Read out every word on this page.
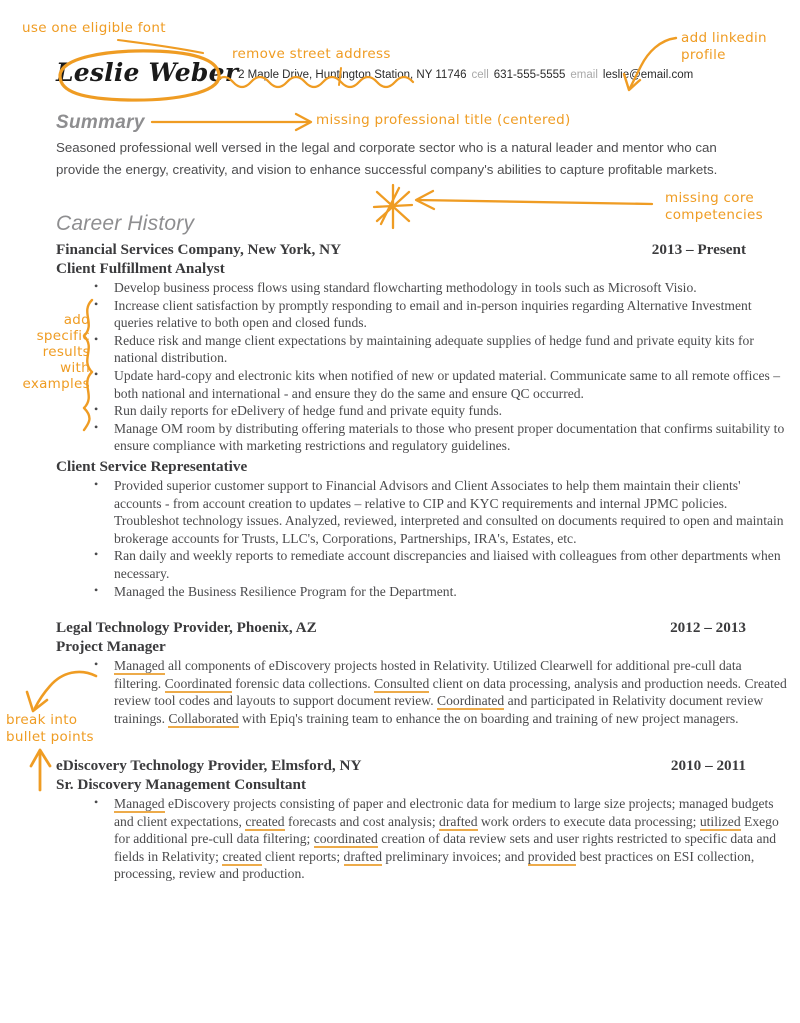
Leslie Weber2 Maple Drive, Huntington Station, NY 11746 cell 631-555-5555 email leslie@email.com
Summary
Seasoned professional well versed in the legal and corporate sector who is a natural leader and mentor who can provide the energy, creativity, and vision to enhance successful company's abilities to capture profitable markets.
Career History
Financial Services Company, New York, NY	2013 – Present
Client Fulfillment Analyst
• Develop business process flows using standard flowcharting methodology in tools such as Microsoft Visio.
• Increase client satisfaction by promptly responding to email and in-person inquiries regarding Alternative Investment queries relative to both open and closed funds.
• Reduce risk and mange client expectations by maintaining adequate supplies of hedge fund and private equity kits for national distribution.
• Update hard-copy and electronic kits when notified of new or updated material. Communicate same to all remote offices – both national and international - and ensure they do the same and ensure QC occurred.
• Run daily reports for eDelivery of hedge fund and private equity funds.
• Manage OM room by distributing offering materials to those who present proper documentation that confirms suitability to ensure compliance with marketing restrictions and regulatory guidelines.
Client Service Representative
• Provided superior customer support to Financial Advisors and Client Associates to help them maintain their clients' accounts - from account creation to updates – relative to CIP and KYC requirements and internal JPMC policies. Troubleshot technology issues. Analyzed, reviewed, interpreted and consulted on documents required to open and maintain brokerage accounts for Trusts, LLC's, Corporations, Partnerships, IRA's, Estates, etc.
• Ran daily and weekly reports to remediate account discrepancies and liaised with colleagues from other departments when necessary.
• Managed the Business Resilience Program for the Department.
Legal Technology Provider, Phoenix, AZ	2012 – 2013
Project Manager
• Managed all components of eDiscovery projects hosted in Relativity. Utilized Clearwell for additional pre-cull data filtering. Coordinated forensic data collections. Consulted client on data processing, analysis and production needs. Created review tool codes and layouts to support document review. Coordinated and participated in Relativity document review trainings. Collaborated with Epiq's training team to enhance the on boarding and training of new project managers.
eDiscovery Technology Provider, Elmsford, NY	2010 – 2011
Sr. Discovery Management Consultant
• Managed eDiscovery projects consisting of paper and electronic data for medium to large size projects; managed budgets and client expectations, created forecasts and cost analysis; drafted work orders to execute data processing; utilized Exego for additional pre-cull data filtering; coordinated creation of data review sets and user rights restricted to specific data and fields in Relativity; created client reports; drafted preliminary invoices; and provided best practices on ESI collection, processing, review and production.
use one eligible font
remove street address
add linkedin
profile
missing professional title (centered)
missing core
competencies
add
specific
results
with
examples
break into
bullet points
